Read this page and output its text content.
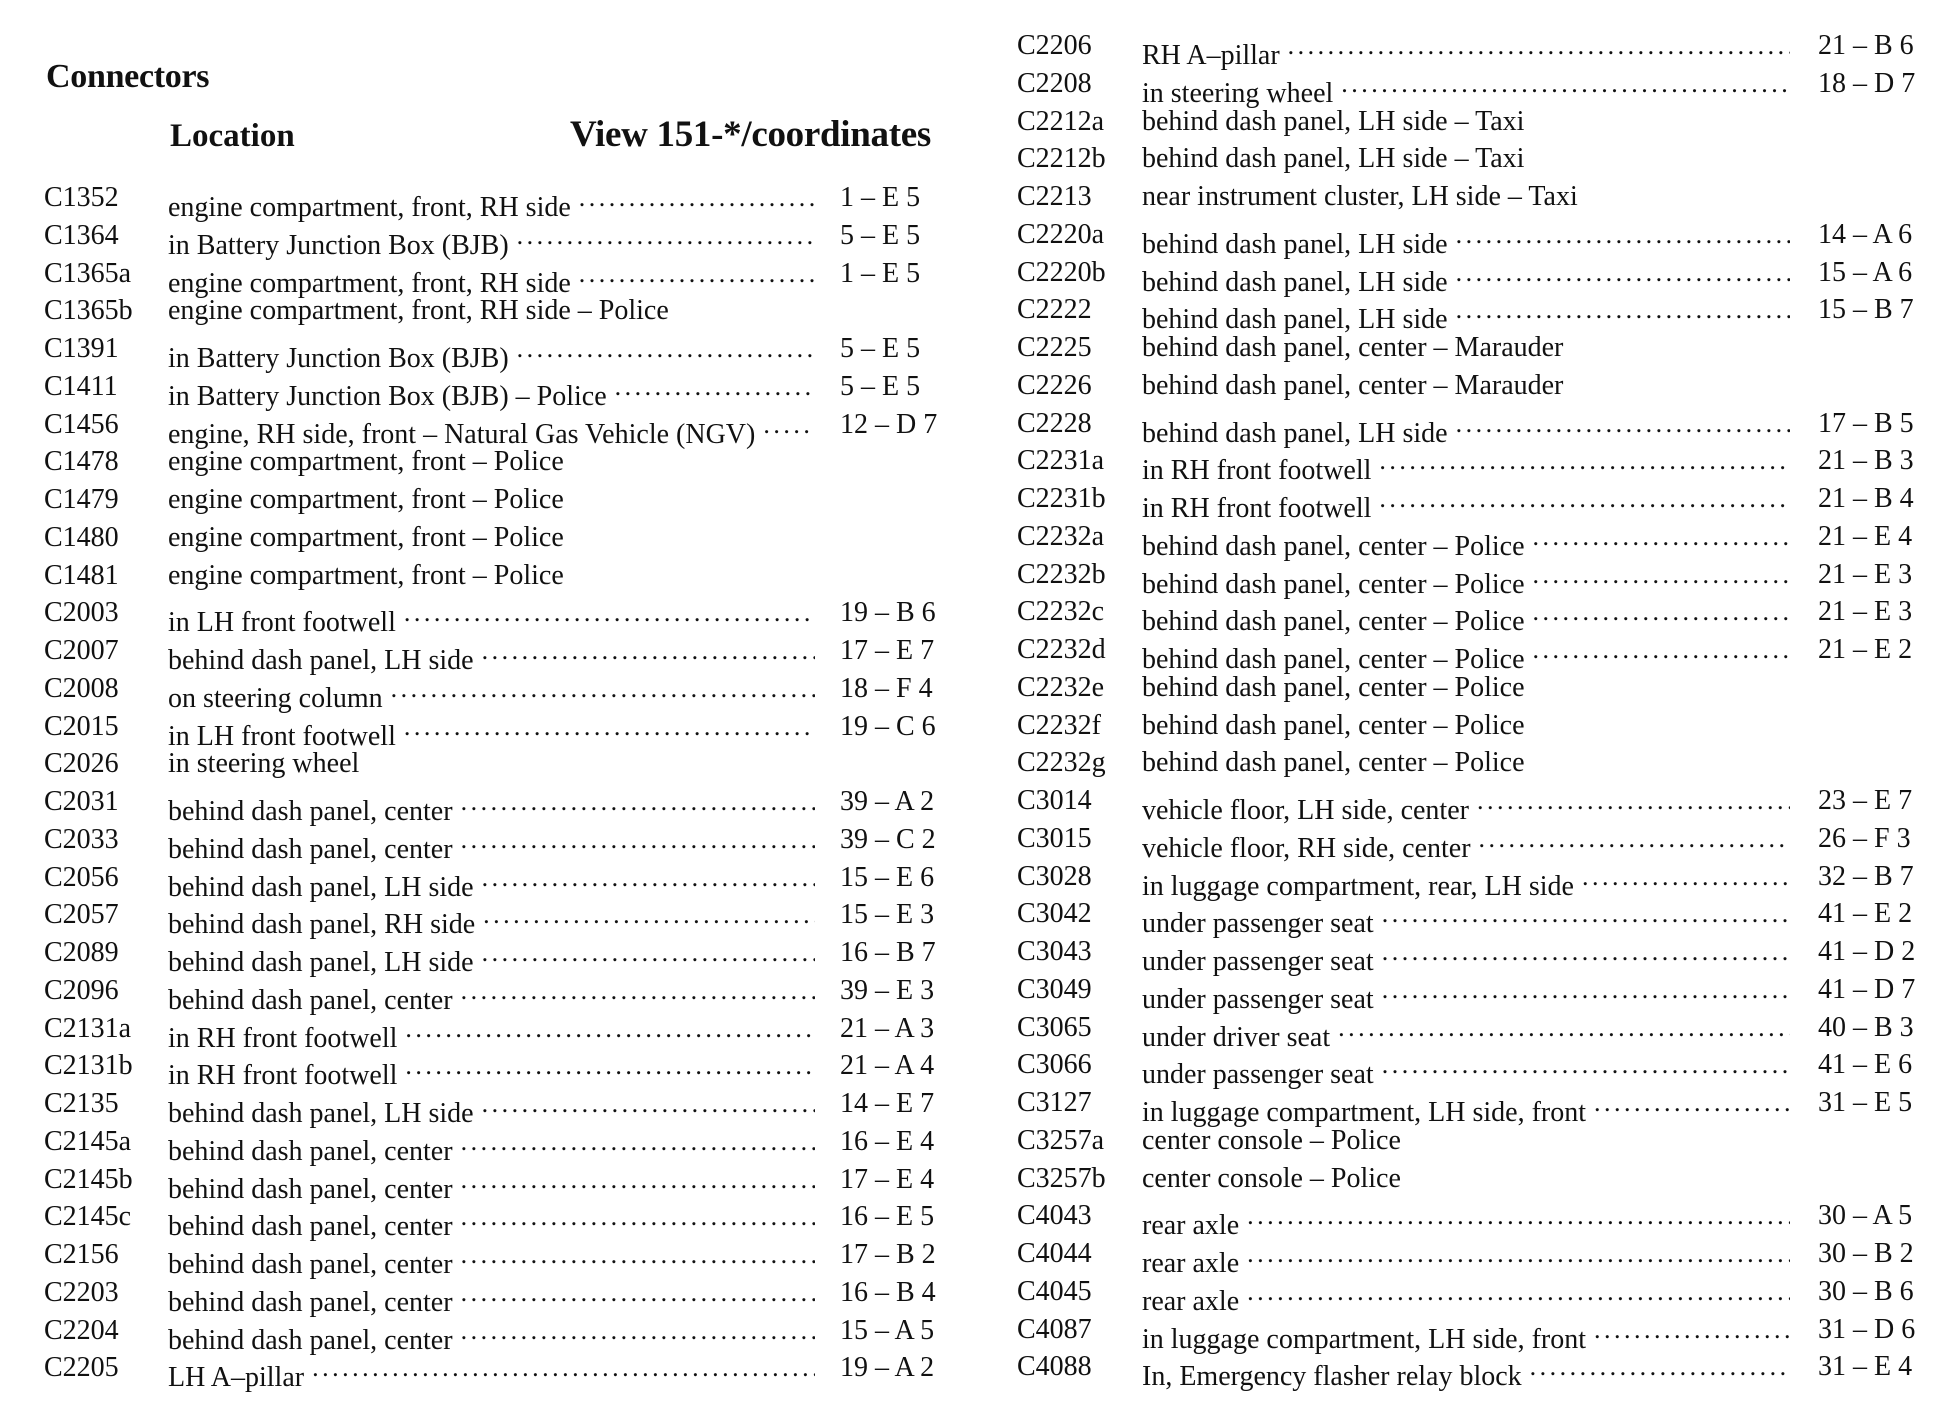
Connectors
Location	View 151-*/coordinates
C1352 engine compartment, front, RH side . . .	1 – E 5
C1364 in Battery Junction Box (BJB) . . .	5 – E 5
C1365a engine compartment, front, RH side . . .	1 – E 5
C1365b engine compartment, front, RH side – Police
C1391 in Battery Junction Box (BJB) . . .	5 – E 5
C1411 in Battery Junction Box (BJB) – Police . . .	5 – E 5
C1456 engine, RH side, front – Natural Gas Vehicle (NGV) . . .	12 – D 7
C1478 engine compartment, front – Police
C1479 engine compartment, front – Police
C1480 engine compartment, front – Police
C1481 engine compartment, front – Police
C2003 in LH front footwell . . .	19 – B 6
C2007 behind dash panel, LH side . . .	17 – E 7
C2008 on steering column . . .	18 – F 4
C2015 in LH front footwell . . .	19 – C 6
C2026 in steering wheel
C2031 behind dash panel, center . . .	39 – A 2
C2033 behind dash panel, center . . .	39 – C 2
C2056 behind dash panel, LH side . . .	15 – E 6
C2057 behind dash panel, RH side . . .	15 – E 3
C2089 behind dash panel, LH side . . .	16 – B 7
C2096 behind dash panel, center . . .	39 – E 3
C2131a in RH front footwell . . .	21 – A 3
C2131b in RH front footwell . . .	21 – A 4
C2135 behind dash panel, LH side . . .	14 – E 7
C2145a behind dash panel, center . . .	16 – E 4
C2145b behind dash panel, center . . .	17 – E 4
C2145c behind dash panel, center . . .	16 – E 5
C2156 behind dash panel, center . . .	17 – B 2
C2203 behind dash panel, center . . .	16 – B 4
C2204 behind dash panel, center . . .	15 – A 5
C2205 LH A–pillar . . .	19 – A 2
C2206 RH A–pillar . . .	21 – B 6
C2208 in steering wheel . . .	18 – D 7
C2212a behind dash panel, LH side – Taxi
C2212b behind dash panel, LH side – Taxi
C2213 near instrument cluster, LH side – Taxi
C2220a behind dash panel, LH side . . .	14 – A 6
C2220b behind dash panel, LH side . . .	15 – A 6
C2222 behind dash panel, LH side . . .	15 – B 7
C2225 behind dash panel, center – Marauder
C2226 behind dash panel, center – Marauder
C2228 behind dash panel, LH side . . .	17 – B 5
C2231a in RH front footwell . . .	21 – B 3
C2231b in RH front footwell . . .	21 – B 4
C2232a behind dash panel, center – Police . . .	21 – E 4
C2232b behind dash panel, center – Police . . .	21 – E 3
C2232c behind dash panel, center – Police . . .	21 – E 3
C2232d behind dash panel, center – Police . . .	21 – E 2
C2232e behind dash panel, center – Police
C2232f behind dash panel, center – Police
C2232g behind dash panel, center – Police
C3014 vehicle floor, LH side, center . . .	23 – E 7
C3015 vehicle floor, RH side, center . . .	26 – F 3
C3028 in luggage compartment, rear, LH side . . .	32 – B 7
C3042 under passenger seat . . .	41 – E 2
C3043 under passenger seat . . .	41 – D 2
C3049 under passenger seat . . .	41 – D 7
C3065 under driver seat . . .	40 – B 3
C3066 under passenger seat . . .	41 – E 6
C3127 in luggage compartment, LH side, front . . .	31 – E 5
C3257a center console – Police
C3257b center console – Police
C4043 rear axle . . .	30 – A 5
C4044 rear axle . . .	30 – B 2
C4045 rear axle . . .	30 – B 6
C4087 in luggage compartment, LH side, front . . .	31 – D 6
C4088 In, Emergency flasher relay block . . .	31 – E 4
